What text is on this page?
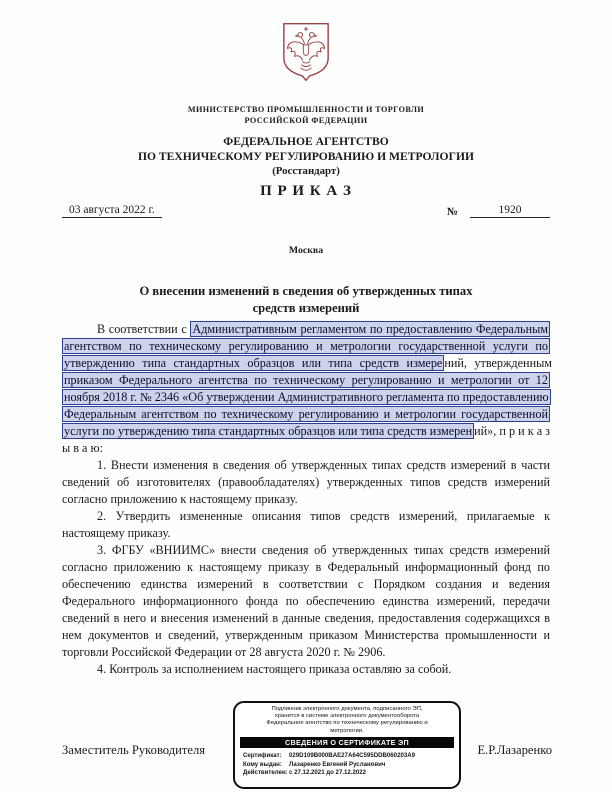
МИНИСТЕРСТВО ПРОМЫШЛЕННОСТИ И ТОРГОВЛИ
РОССИЙСКОЙ ФЕДЕРАЦИИ
ФЕДЕРАЛЬНОЕ АГЕНТСТВО
ПО ТЕХНИЧЕСКОМУ РЕГУЛИРОВАНИЮ И МЕТРОЛОГИИ
(Росстандарт)
П Р И К А З
03 августа 2022 г.	№	1920
Москва
О внесении изменений в сведения об утвержденных типах
средств измерений

В соответствии с Административным регламентом по предоставлению Федеральным агентством по техническому регулированию и метрологии государственной услуги по утверждению типа стандартных образцов или типа средств измере ний, утвержденным приказом Федерального агентства по техническому регулированию и метрологии от 12 ноября 2018 г. № 2346 «Об утверждении Административного регламента по предоставлению Федеральным агентством по техническому регулированию и метрологии государственной услуги по утверждению типа стандартных образцов или типа средств измерен ий», п р и к а з ы в а ю:

1. Внести изменения в сведения об утвержденных типах средств измерений в части сведений об изготовителях (правообладателях) утвержденных типов средств измерений согласно приложению к настоящему приказу.

2. Утвердить измененные описания типов средств измерений, прилагаемые к настоящему приказу.

3. ФГБУ «ВНИИМС» внести сведения об утвержденных типах средств измерений согласно приложению к настоящему приказу в Федеральный информационный фонд по обеспечению единства измерений в соответствии с Порядком создания и ведения Федерального информационного фонда по обеспечению единства измерений, передачи сведений в него и внесения изменений в данные сведения, предоставления содержащихся в нем документов и сведений, утвержденным приказом Министерства промышленности и торговли Российской Федерации от 28 августа 2020 г. № 2906.

4. Контроль за исполнением настоящего приказа оставляю за собой.

Подлинник электронного документа, подписанного ЭП,
хранится в системе электронного документооборота
Федеральное агентство по техническому регулированию и
метрологии.
СВЕДЕНИЯ О СЕРТИФИКАТЕ ЭП
Сертификат: 029D109B000BAE27A64C595DDB060203A9
Кому выдан: Лазаренко Евгений Русланович
Действителен:с 27.12.2021 до 27.12.2022
Заместитель Руководителя	Е.Р.Лазаренко
